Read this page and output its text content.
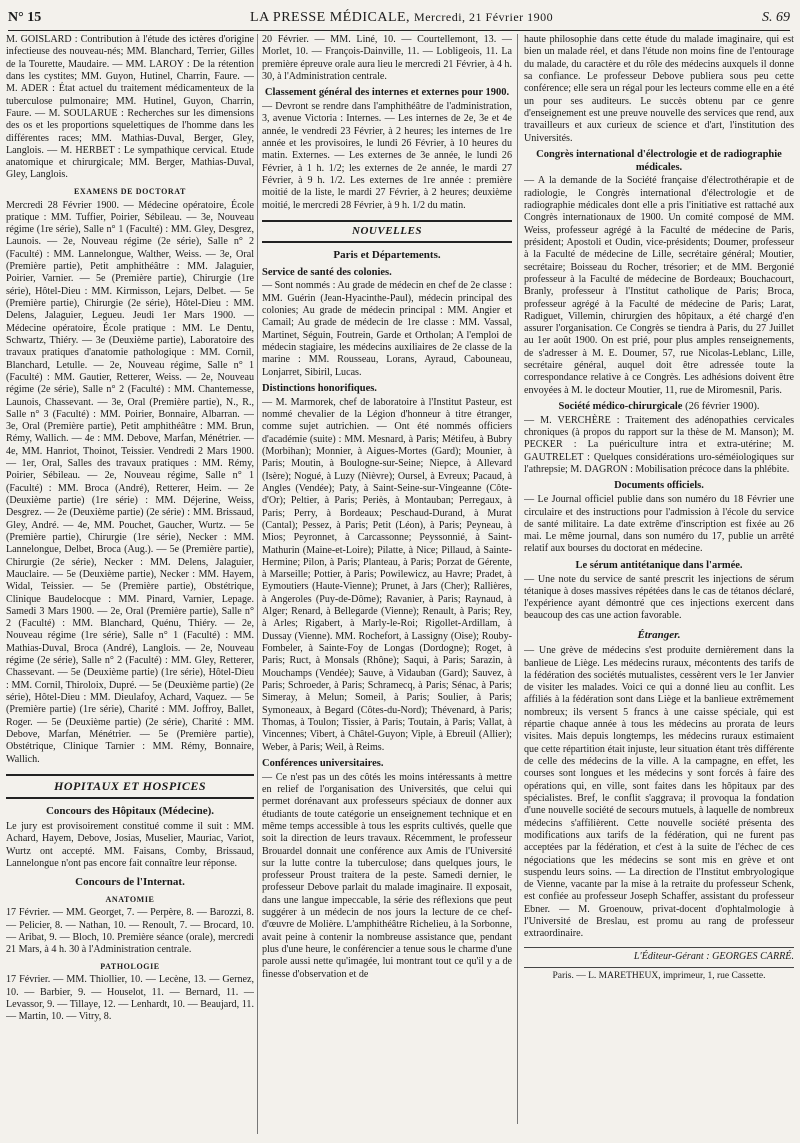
N° 15	LA PRESSE MÉDICALE, Mercredi, 21 Février 1900	S. 69

M. GOISLARD : Contribution à l'étude des ictères d'origine infectieuse des nouveau-nés; MM. Blanchard, Terrier, Gilles de la Tourette, Maudaire. — MM. LAROY : De la rétention dans les cystites; MM. Guyon, Hutinel, Charrin, Faure. — M. ADER : État actuel du traitement médicamenteux de la tuberculose pulmonaire; MM. Hutinel, Guyon, Charrin, Faure. — M. SOULARUE : Recherches sur les dimensions des os et les proportions squelettiques de l'homme dans les différentes races; MM. Mathias-Duval, Berger, Gley, Langlois. — M. HERBET : Le sympathique cervical. Etude anatomique et chirurgicale; MM. Berger, Mathias-Duval, Gley, Langlois.

EXAMENS DE DOCTORAT

Mercredi 28 Février 1900. — Médecine opératoire, École pratique : MM. Tuffier, Poirier, Sébileau. — 3e, Nouveau régime (1re série), Salle n° 1 (Faculté) : MM. Gley, Desgrez, Launois. — 2e, Nouveau régime (2e série), Salle n° 2 (Faculté) : MM. Lannelongue, Walther, Weiss. — 3e, Oral (Première partie), Petit amphithéâtre : MM. Jalaguier, Poirier, Varnier. — 5e (Première partie), Chirurgie (1re série), Hôtel-Dieu : MM. Kirmisson, Lejars, Delbet. — 5e (Première partie), Chirurgie (2e série), Hôtel-Dieu : MM. Delens, Jalaguier, Legueu. Jeudi 1er Mars 1900. — Médecine opératoire, École pratique : MM. Le Dentu, Schwartz, Thiéry. — 3e (Deuxième partie), Laboratoire des travaux pratiques d'anatomie pathologique : MM. Cornil, Blanchard, Letulle. — 2e, Nouveau régime, Salle n° 1 (Faculté) : MM. Gautier, Retterer, Weiss. — 2e, Nouveau régime (2e série), Salle n° 2 (Faculté) : MM. Chantemesse, Launois, Chassevant. — 3e, Oral (Première partie), N., R., Salle n° 3 (Faculté) : MM. Poirier, Bonnaire, Albarran. — 3e, Oral (Première partie), Petit amphithéâtre : MM. Brun, Rémy, Wallich. — 4e : MM. Debove, Marfan, Ménétrier. — 4e, MM. Hanriot, Thoinot, Teissier. Vendredi 2 Mars 1900. — 1er, Oral, Salles des travaux pratiques : MM. Rémy, Poirier, Sébileau. — 2e, Nouveau régime, Salle n° 1 (Faculté) : MM. Broca (André), Retterer, Heim. — 2e (Deuxième partie) (1re série) : MM. Déjerine, Weiss, Desgrez. — 2e (Deuxième partie) (2e série) : MM. Brissaud, Gley, André. — 4e, MM. Pouchet, Gaucher, Wurtz. — 5e (Première partie), Chirurgie (1re série), Necker : MM. Lannelongue, Delbet, Broca (Aug.). — 5e (Première partie), Chirurgie (2e série), Necker : MM. Delens, Jalaguier, Mauclaire. — 5e (Deuxième partie), Necker : MM. Hayem, Widal, Teissier. — 5e (Première partie), Obstétrique, Clinique Baudelocque : MM. Pinard, Varnier, Lepage. Samedi 3 Mars 1900. — 2e, Oral (Première partie), Salle n° 2 (Faculté) : MM. Blanchard, Quénu, Thiéry. — 2e, Nouveau régime (1re série), Salle n° 1 (Faculté) : MM. Mathias-Duval, Broca (André), Langlois. — 2e, Nouveau régime (2e série), Salle n° 2 (Faculté) : MM. Gley, Retterer, Chassevant. — 5e (Deuxième partie) (1re série), Hôtel-Dieu : MM. Cornil, Thiroloix, Dupré. — 5e (Deuxième partie) (2e série), Hôtel-Dieu : MM. Dieulafoy, Achard, Vaquez. — 5e (Première partie) (1re série), Charité : MM. Joffroy, Ballet, Roger. — 5e (Deuxième partie) (2e série), Charité : MM. Debove, Marfan, Ménétrier. — 5e (Première partie), Obstétrique, Clinique Tarnier : MM. Rémy, Bonnaire, Wallich.

HOPITAUX ET HOSPICES
Concours des Hôpitaux (Médecine).

Le jury est provisoirement constitué comme il suit : MM. Achard, Hayem, Debove, Josias, Muselier, Mauriac, Variot, Wurtz ont accepté. MM. Faisans, Comby, Brissaud, Lannelongue n'ont pas encore fait connaître leur réponse.

Concours de l'Internat.
ANATOMIE

17 Février. — MM. Georget, 7. — Perpère, 8. — Barozzi, 8. — Pelicier, 8. — Nathan, 10. — Renoult, 7. — Brocard, 10. — Aribat, 9. — Bloch, 10. Première séance (orale), mercredi 21 Mars, à 4 h. 30 à l'Administration centrale.

PATHOLOGIE

17 Février. — MM. Thiollier, 10. — Lecène, 13. — Gernez, 10. — Barbier, 9. — Houselot, 11. — Bernard, 11. — Levassor, 9. — Tillaye, 12. — Lenhardt, 10. — Beaujard, 11. — Martin, 10. — Vitry, 8.

20 Février. — MM. Liné, 10. — Courtellemont, 13. — Morlet, 10. — François-Dainville, 11. — Lobligeois, 11. La première épreuve orale aura lieu le mercredi 21 Février, à 4 h. 30, à l'Administration centrale.

Classement général des internes et externes pour 1900.

— Devront se rendre dans l'amphithéâtre de l'administration, 3, avenue Victoria : Internes. — Les internes de 2e, 3e et 4e année, le vendredi 23 Février, à 2 heures; les internes de 1re année et les provisoires, le lundi 26 Février, à 10 heures du matin. Externes. — Les externes de 3e année, le lundi 26 Février, à 1 h. 1/2; les externes de 2e année, le mardi 27 Février, à 9 h. 1/2. Les externes de 1re année : première moitié de la liste, le mardi 27 Février, à 2 heures; deuxième moitié, le mercredi 28 Février, à 9 h. 1/2 du matin.

NOUVELLES
Paris et Départements.
Service de santé des colonies.

— Sont nommés : Au grade de médecin en chef de 2e classe : MM. Guérin (Jean-Hyacinthe-Paul), médecin principal des colonies; Au grade de médecin principal : MM. Angier et Camail; Au grade de médecin de 1re classe : MM. Vassal, Martinet, Séguin, Foutrein, Garde et Ortholan; A l'emploi de médecin stagiaire, les médecins auxiliaires de 2e classe de la marine : MM. Rousseau, Lorans, Ayraud, Cabouneau, Lonjarret, Sibiril, Lucas.

Distinctions honorifiques.

— M. Marmorek, chef de laboratoire à l'Institut Pasteur, est nommé chevalier de la Légion d'honneur à titre étranger, comme sujet autrichien. — Ont été nommés officiers d'académie (suite) : MM. Mesnard, à Paris; Métifeu, à Bubry (Morbihan); Monnier, à Aigues-Mortes (Gard); Mounier, à Paris; Moutin, à Boulogne-sur-Seine; Niepce, à Allevard (Isère); Nogué, à Luzy (Nièvre); Oursel, à Evreux; Pacaud, à Angles (Vendée); Paty, à Saint-Seine-sur-Vingeanne (Côte-d'Or); Peltier, à Paris; Periès, à Montauban; Perregaux, à Paris; Perry, à Bordeaux; Peschaud-Durand, à Murat (Cantal); Pessez, à Paris; Petit (Léon), à Paris; Peyneau, à Mios; Peyronnet, à Carcassonne; Peyssonnié, à Saint-Mathurin (Maine-et-Loire); Pilatte, à Nice; Pillaud, à Sainte-Hermine; Pilon, à Paris; Planteau, à Paris; Porzat de Gérente, à Marseille; Pottier, à Paris; Powilewicz, au Havre; Pradet, à Eymoutiers (Haute-Vienne); Prunet, à Jars (Cher); Rallières, à Angeroles (Puy-de-Dôme); Ravanier, à Paris; Raynaud, à Alger; Renard, à Bellegarde (Vienne); Renault, à Paris; Rey, à Arles; Rigabert, à Marly-le-Roi; Rigollet-Ardillam, à Dussay (Vienne). MM. Rochefort, à Lassigny (Oise); Rouby-Fombeler, à Sainte-Foy de Longas (Dordogne); Roget, à Paris; Ruct, à Monsals (Rhône); Saqui, à Paris; Sarazin, à Mouchamps (Vendée); Sauve, à Vidauban (Gard); Sauvez, à Paris; Schroeder, à Paris; Schramecq, à Paris; Sénac, à Paris; Simeray, à Melun; Someil, à Paris; Soulier, à Paris; Symoneaux, à Begard (Côtes-du-Nord); Thévenard, à Paris; Thomas, à Toulon; Tissier, à Paris; Toutain, à Paris; Vallat, à Vincennes; Vibert, à Châtel-Guyon; Viple, à Ebreuil (Allier); Weber, à Paris; Weil, à Reims.

Conférences universitaires.

— Ce n'est pas un des côtés les moins intéressants à mettre en relief de l'organisation des Universités, que celui qui permet dorénavant aux professeurs spéciaux de donner aux étudiants de toute catégorie un enseignement technique et en même temps accessible à tous les esprits cultivés, quelle que soit la direction de leurs travaux. Récemment, le professeur Brouardel donnait une conférence aux Amis de l'Université sur la lutte contre la tuberculose; dans quelques jours, le professeur Proust traitera de la peste. Samedi dernier, le professeur Debove parlait du malade imaginaire. Il exposait, dans une langue impeccable, la série des réflexions que peut suggérer à un médecin de nos jours la lecture de ce chef-d'œuvre de Molière. L'amphithéâtre Richelieu, à la Sorbonne, avait peine à contenir la nombreuse assistance que, pendant plus d'une heure, le conférencier a tenue sous le charme d'une parole aussi nette qu'imagée, lui montrant tout ce qu'il y a de finesse d'observation et de

haute philosophie dans cette étude du malade imaginaire, qui est bien un malade réel, et dans l'étude non moins fine de l'entourage du malade, du caractère et du rôle des médecins auxquels il donne sa confiance. Le professeur Debove publiera sous peu cette conférence; elle sera un régal pour les lecteurs comme elle en a été un pour ses auditeurs. Le succès obtenu par ce genre d'enseignement est une preuve nouvelle des services que rend, aux travailleurs et aux curieux de science et d'art, l'institution des Universités.

Congrès international d'électrologie et de radiographie médicales.

— A la demande de la Société française d'électrothérapie et de radiologie, le Congrès international d'électrologie et de radiographie médicales dont elle a pris l'initiative est rattaché aux Congrès internationaux de 1900. Un comité composé de MM. Weiss, professeur agrégé à la Faculté de médecine de Paris, président; Apostoli et Oudin, vice-présidents; Doumer, professeur à la Faculté de médecine de Lille, secrétaire général; Moutier, secrétaire; Boisseau du Rocher, trésorier; et de MM. Bergonié professeur à la Faculté de médecine de Bordeaux; Bouchacourt, Branly, professeur à l'Institut catholique de Paris; Broca, professeur agrégé à la Faculté de médecine de Paris; Larat, Radiguet, Villemin, chirurgien des hôpitaux, a été chargé d'en assurer l'organisation. Ce Congrès se tiendra à Paris, du 27 Juillet au 1er août 1900. On est prié, pour plus amples renseignements, de s'adresser à M. E. Doumer, 57, rue Nicolas-Leblanc, Lille, secrétaire général, auquel doit être adressée toute la correspondance relative à ce Congrès. Les adhésions doivent être envoyées à M. le docteur Moutier, 11, rue de Miromesnil, Paris.

Société médico-chirurgicale (26 février 1900).

— M. VERCHÈRE : Traitement des adénopathies cervicales chroniques (à propos du rapport sur la thèse de M. Manson); M. PECKER : La puériculture intra et extra-utérine; M. GAUTRELET : Quelques considérations uro-séméiologiques sur l'athrepsie; M. DAGRON : Mobilisation précoce dans la phlébite.

Documents officiels.

— Le Journal officiel publie dans son numéro du 18 Février une circulaire et des instructions pour l'admission à l'école du service de santé militaire. La date extrême d'inscription est fixée au 26 mai. Le même journal, dans son numéro du 17, publie un arrêté relatif aux bourses du doctorat en médecine.

Le sérum antitétanique dans l'armée.

— Une note du service de santé prescrit les injections de sérum tétanique à doses massives répétées dans le cas de tétanos déclaré, l'expérience ayant démontré que ces injections exercent dans beaucoup des cas une action favorable.

Étranger.

— Une grève de médecins s'est produite dernièrement dans la banlieue de Liège. Les médecins ruraux, mécontents des tarifs de la fédération des sociétés mutualistes, cessèrent vers le 1er Janvier de visiter les malades. Voici ce qui a donné lieu au conflit. Les affiliés à la fédération sont dans Liège et la banlieue extrêmement nombreux; ils versent 5 francs à une caisse spéciale, qui est répartie chaque année à tous les médecins au prorata de leurs visites. Mais depuis longtemps, les médecins ruraux estimaient que cette répartition était injuste, leur situation étant très différente de celle des médecins de la ville. A la campagne, en effet, les courses sont longues et les médecins y sont forcés à faire des opérations qui, en ville, sont faites dans les hôpitaux par des spécialistes. Bref, le conflit s'aggrava; il provoqua la fondation d'une nouvelle société de secours mutuels, à laquelle de nombreux médecins s'affilièrent. Cette nouvelle société présenta des modifications aux tarifs de la fédération, qui ne furent pas acceptées par la fédération, et c'est à la suite de l'échec de ces négociations que les médecins se sont mis en grève et ont suspendu leurs soins. — La direction de l'Institut embryologique de Vienne, vacante par la mise à la retraite du professeur Schenk, est confiée au professeur Joseph Schaffer, assistant du professeur Ebner. — M. Groenouw, privat-docent d'ophtalmologie à l'Université de Breslau, est promu au rang de professeur extraordinaire.

L'Éditeur-Gérant : GEORGES CARRÉ.
Paris. — L. MARETHEUX, imprimeur, 1, rue Cassette.
